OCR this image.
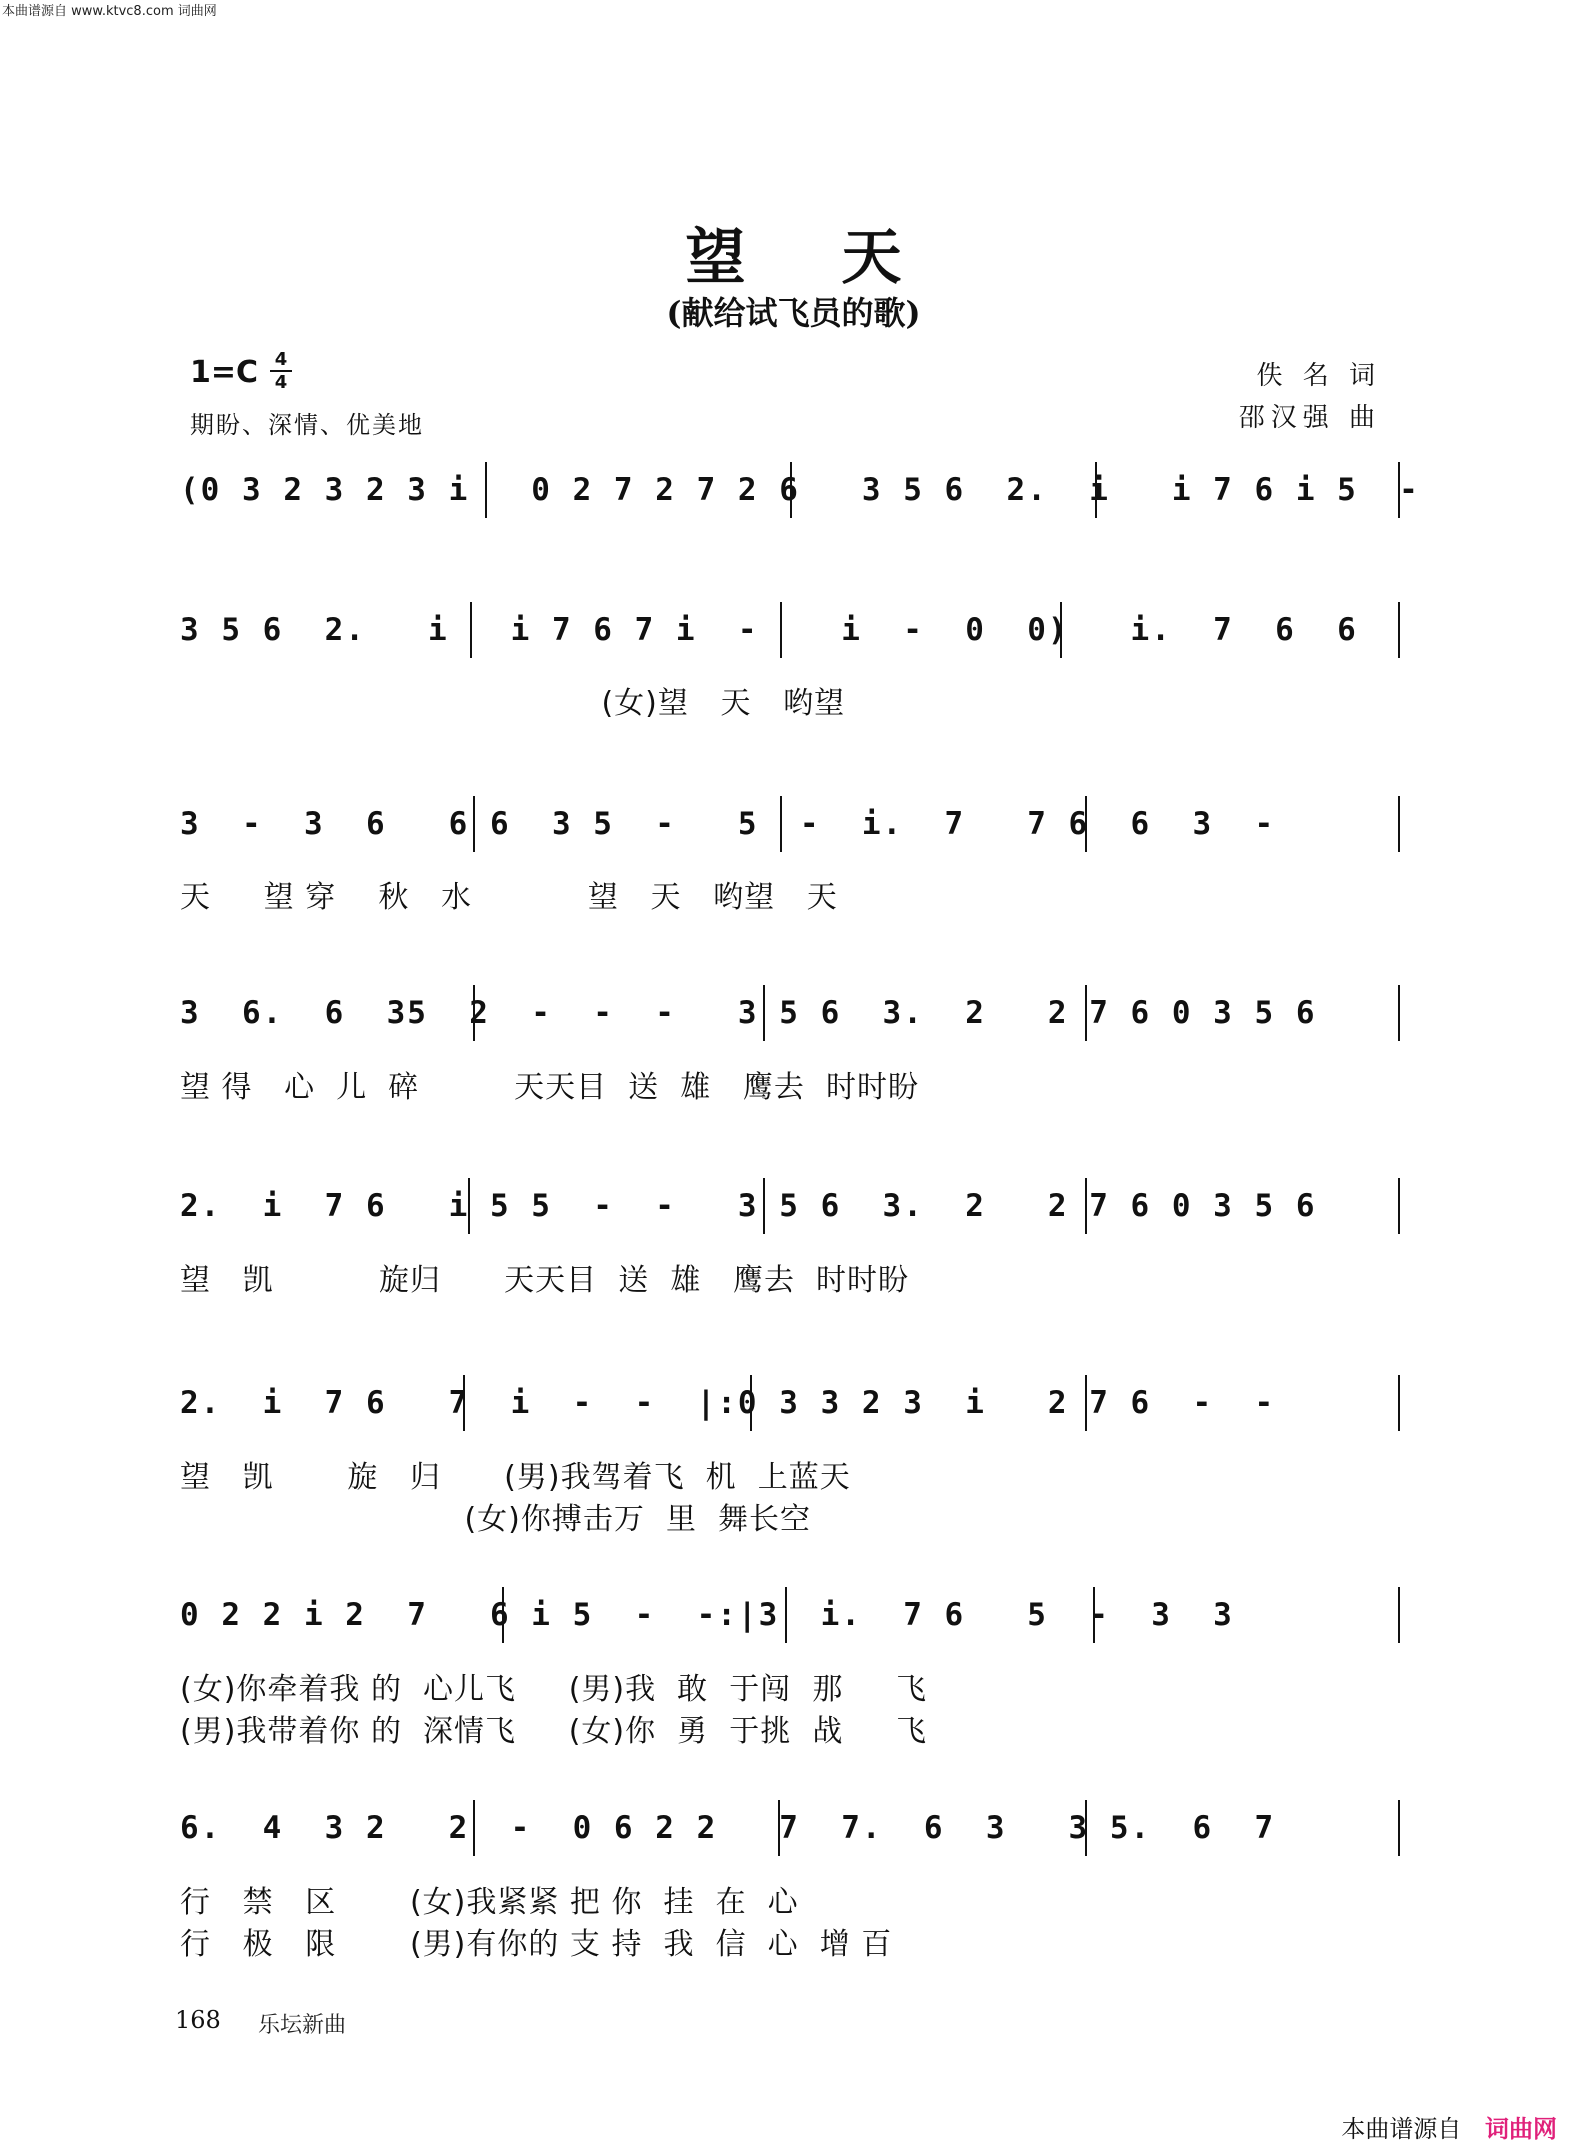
本曲谱源自 www.ktvc8.com 词曲网
望天
(献给试飞员的歌)
1=C 4
4
期盼、深情、优美地
佚 名 词
邵汉强 曲
(0 3 2 3 2 3 i   0 2 7 2 7 2 6   3 5 6  2.  i   i 7 6 i 5  -
3 5 6  2.   i   i 7 6 7 i  -    i  -  0  0)   i.  7  6  6
(女)望   天   哟望
3  -  3  6   6 6  3 5  -   5  -  i.  7   7 6  6  3  -
天     望 穿    秋   水           望   天   哟望   天
3  6.  6  35  2  -  -  -   3 5 6  3.  2   2 7 6 0 3 5 6
望 得   心  儿  碎         天天目  送  雄   鹰去  时时盼
2.  i  7 6   i 5 5  -  -   3 5 6  3.  2   2 7 6 0 3 5 6
望   凯          旋归      天天目  送  雄   鹰去  时时盼
2.  i  7 6   7  i  -  -  |:0 3 3 2 3  i   2 7 6  -  -
望   凯       旋   归      (男)我驾着飞  机  上蓝天
(女)你搏击万  里  舞长空
0 2 2 i 2  7   6 i 5  -  -:|3  i.  7 6   5  -  3  3
(女)你牵着我 的  心儿飞     (男)我  敢  于闯  那     飞
(男)我带着你 的  深情飞     (女)你  勇  于挑  战     飞
6.  4  3 2   2  -  0 6 2 2   7  7.  6  3   3 5.  6  7
行   禁   区       (女)我紧紧 把 你  挂  在  心
行   极   限       (男)有你的 支 持  我  信  心  增 百
168 乐坛新曲
本曲谱源自 词曲网
